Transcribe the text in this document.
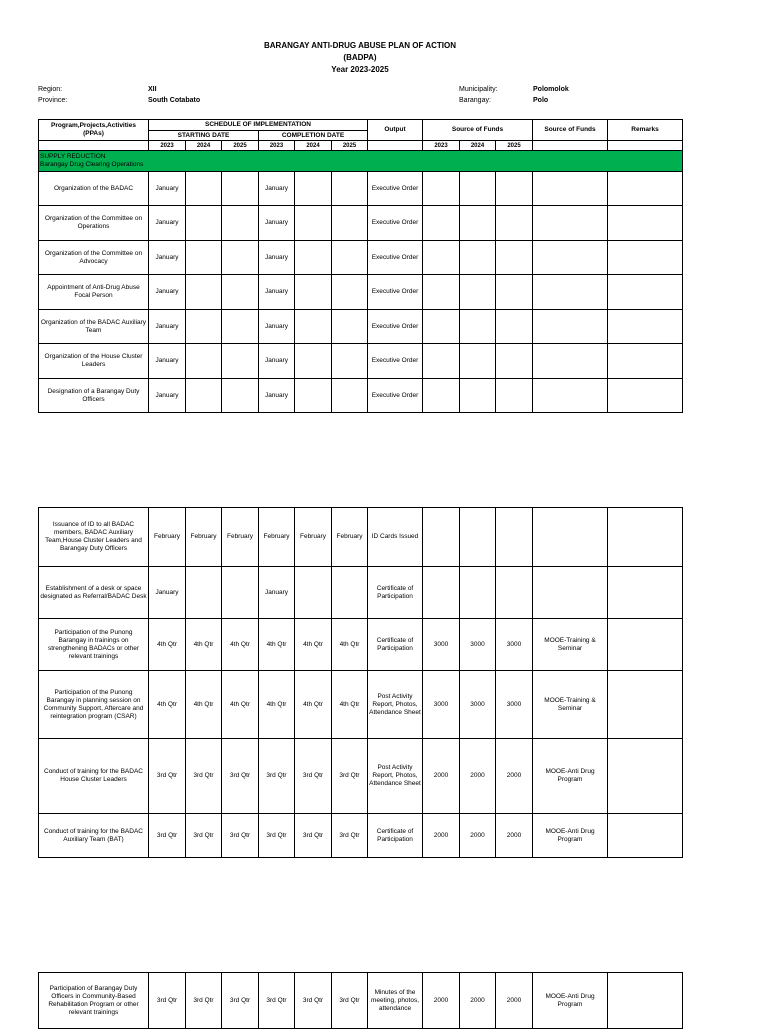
BARANGAY ANTI-DRUG ABUSE PLAN OF ACTION
(BADPA)
Year 2023-2025
Region:	XII
Province:	South Cotabato
Municipality:	Polomolok
Barangay:	Polo
Program,Projects,Activities (PPAs)	SCHEDULE OF IMPLEMENTATION						Output	Source of Funds			Source of Funds	Remarks
	STARTING DATE			COMPLETION DATE								
	2023	2024	2025	2023	2024	2025		2023	2024	2025		

SUPPLY REDUCTION
Barangay Drug Clearing Operations												

Organization of the BADAC	January			January			Executive Order					
Organization of the Committee on Operations	January			January			Executive Order					
Organization of the Committee on Advocacy	January			January			Executive Order					
Appointment of Anti-Drug Abuse Focal Person	January			January			Executive Order					
Organization of the BADAC Auxiliary Team	January			January			Executive Order					
Organization of the House Cluster Leaders	January			January			Executive Order					
Designation of a Barangay Duty Officers	January			January			Executive Order					
Issuance of ID to all BADAC members, BADAC Auxiliary Team,House Cluster Leaders and Barangay Duty Officers	February	February	February	February	February	February	ID Cards Issued					
Establishment of a desk or space designated as Referral/BADAC Desk	January			January			Certificate of Participation					
Participation of the Punong Barangay in trainings on strengthening BADACs or other relevant trainings	4th Qtr	4th Qtr	4th Qtr	4th Qtr	4th Qtr	4th Qtr	Certificate of Participation	3000	3000	3000	MOOE-Training & Seminar	
Participation of the Punong Barangay in planning session on Community Support, Aftercare and reintegration program (CSAR)	4th Qtr	4th Qtr	4th Qtr	4th Qtr	4th Qtr	4th Qtr	Post Activity Report, Photos, Attendance Sheet	3000	3000	3000	MOOE-Training & Seminar	
Conduct of training for the BADAC House Cluster Leaders	3rd Qtr	3rd Qtr	3rd Qtr	3rd Qtr	3rd Qtr	3rd Qtr	Post Activity Report, Photos, Attendance Sheet	2000	2000	2000	MOOE-Anti Drug Program	
Conduct of training for the BADAC Auxiliary Team (BAT)	3rd Qtr	3rd Qtr	3rd Qtr	3rd Qtr	3rd Qtr	3rd Qtr	Certificate of Participation	2000	2000	2000	MOOE-Anti Drug Program	
Participation of Barangay Duty Officers in Community-Based Rehabilitation Program or other relevant trainings	3rd Qtr	3rd Qtr	3rd Qtr	3rd Qtr	3rd Qtr	3rd Qtr	Minutes of the meeting, photos, attendance	2000	2000	2000	MOOE-Anti Drug Program	
